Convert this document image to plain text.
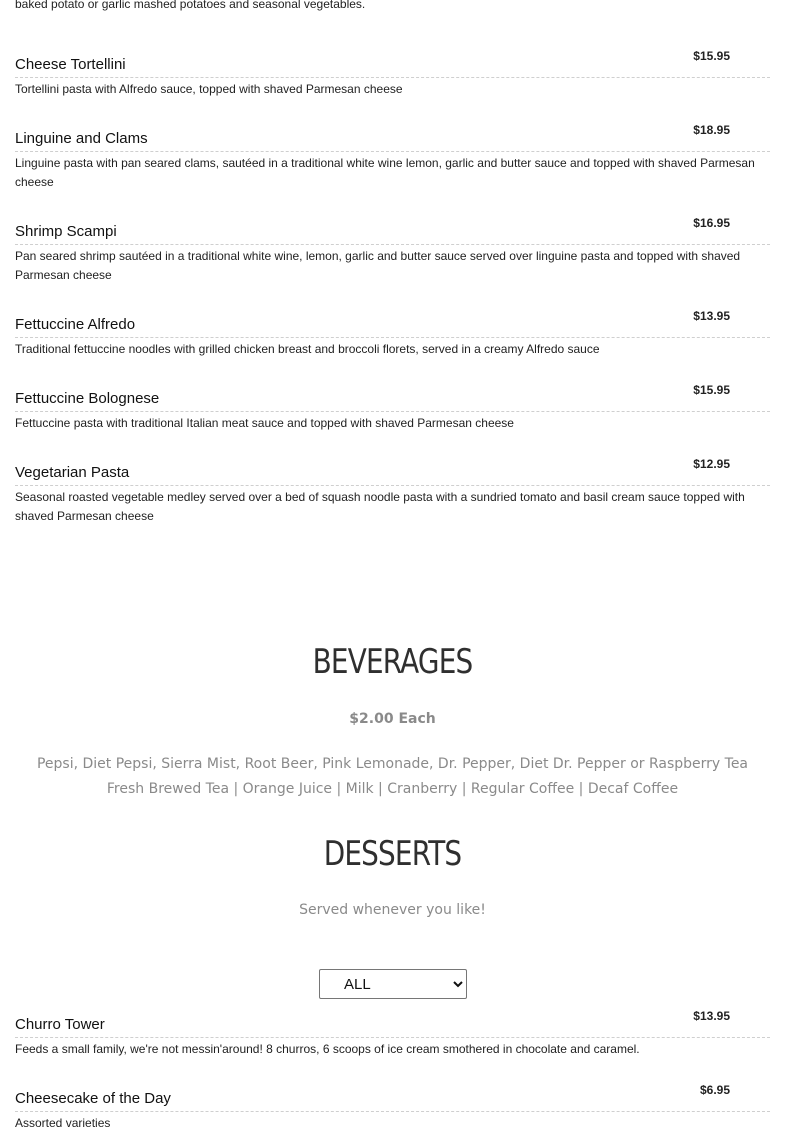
baked potato or garlic mashed potatoes and seasonal vegetables.
Cheese Tortellini	$15.95
Tortellini pasta with Alfredo sauce, topped with shaved Parmesan cheese
Linguine and Clams	$18.95
Linguine pasta with pan seared clams, sautéed in a traditional white wine lemon, garlic and butter sauce and topped with shaved Parmesan cheese
Shrimp Scampi	$16.95
Pan seared shrimp sautéed in a traditional white wine, lemon, garlic and butter sauce served over linguine pasta and topped with shaved Parmesan cheese
Fettuccine Alfredo	$13.95
Traditional fettuccine noodles with grilled chicken breast and broccoli florets, served in a creamy Alfredo sauce
Fettuccine Bolognese	$15.95
Fettuccine pasta with traditional Italian meat sauce and topped with shaved Parmesan cheese
Vegetarian Pasta	$12.95
Seasonal roasted vegetable medley served over a bed of squash noodle pasta with a sundried tomato and basil cream sauce topped with shaved Parmesan cheese
BEVERAGES
$2.00 Each
Pepsi, Diet Pepsi, Sierra Mist, Root Beer, Pink Lemonade, Dr. Pepper, Diet Dr. Pepper or Raspberry Tea
Fresh Brewed Tea | Orange Juice | Milk | Cranberry | Regular Coffee | Decaf Coffee
DESSERTS
Served whenever you like!
ALL
Churro Tower	$13.95
Feeds a small family, we're not messin'around! 8 churros, 6 scoops of ice cream smothered in chocolate and caramel.
Cheesecake of the Day	$6.95
Assorted varieties
